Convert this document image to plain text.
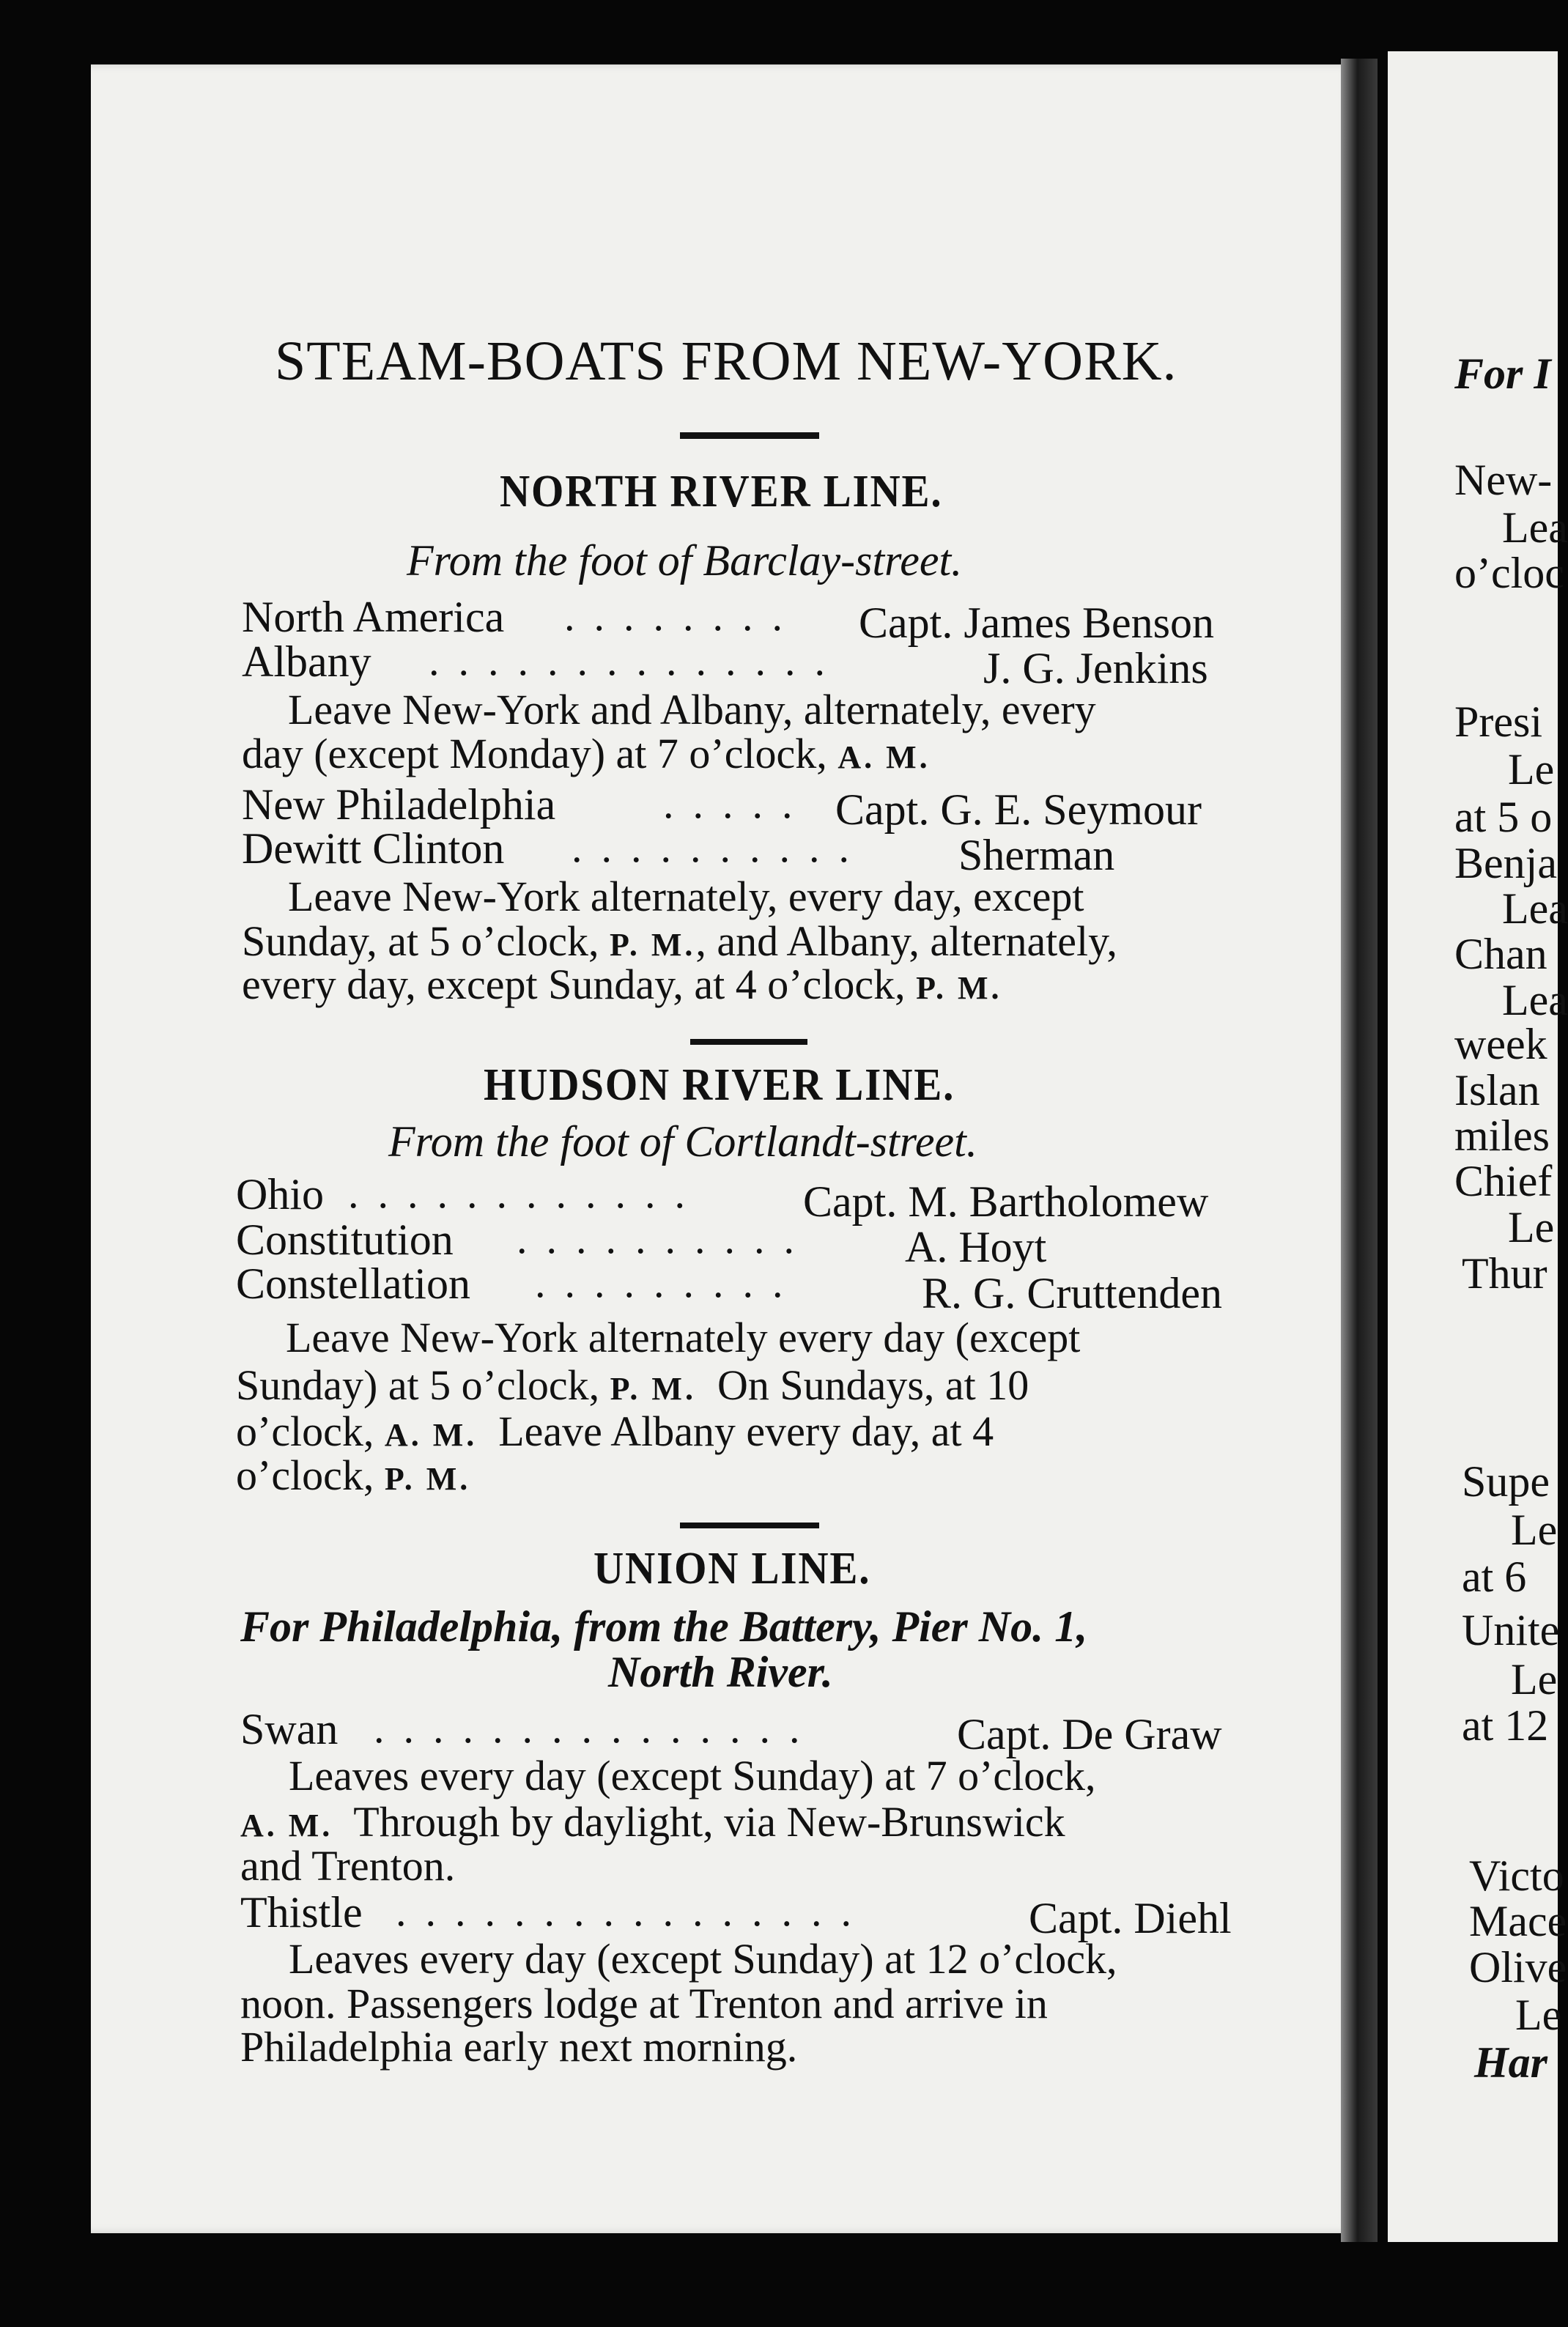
STEAM-BOATS FROM NEW-YORK.
NORTH RIVER LINE.
From the foot of Barclay-street.
North America ........	Capt. James Benson
Albany ..............	J. G. Jenkins
Leave New-York and Albany, alternately, every
day (except Monday) at 7 o’clock, A. M.
New Philadelphia	..... Capt. G. E. Seymour
Dewitt Clinton ..........	Sherman
Leave New-York alternately, every day, except
Sunday, at 5 o’clock, P. M., and Albany, alternately,
every day, except Sunday, at 4 o’clock, P. M.
HUDSON RIVER LINE.
From the foot of Cortlandt-street.
Ohio ............	Capt. M. Bartholomew
Constitution ..........	A. Hoyt
Constellation .........	R. G. Cruttenden
Leave New-York alternately every day (except
Sunday) at 5 o’clock, P. M. On Sundays, at 10
o’clock, A. M. Leave Albany every day, at 4
o’clock, P. M.
UNION LINE.
For Philadelphia, from the Battery, Pier No. 1,
North River.
Swan ...............	Capt. De Graw
Leaves every day (except Sunday) at 7 o’clock,
A. M. Through by daylight, via New-Brunswick
and Trenton.
Thistle ................	Capt. Diehl
Leaves every day (except Sunday) at 12 o’clock,
noon. Passengers lodge at Trenton and arrive in
Philadelphia early next morning.
For I
New-
Lea
o’cloc
Presi
Le
at 5 o
Benja
Lea
Chan
Lea
week
Islan
miles
Chief
Le
Thur
Supe
Le
at 6
Unite
Le
at 12
Victo
Mace
Olive
Le
Har
